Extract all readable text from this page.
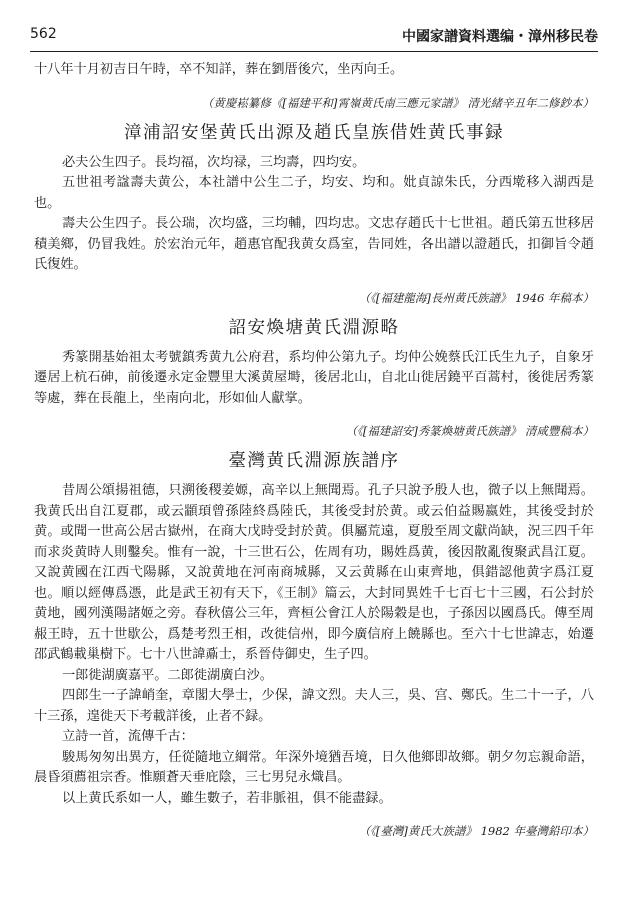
562	中國家譜資料選编・漳州移民卷

十八年十月初吉日午時，卒不知詳，葬在劉厝後穴，坐丙向壬。

（黄慶崧纂修《[福建平和]霄嶺黄氏南三應元家譜》 清光緒辛丑年二修鈔本）

漳浦詔安堡黄氏出源及趙氏皇族借姓黄氏事録

必夫公生四子。長均福，次均禄，三均壽，四均安。

五世祖考諡壽夫黄公，本社譜中公生二子，均安、均和。妣貞諒朱氏，分西墘移入湖西是也。

壽夫公生四子。長公瑞，次均盛，三均輔，四均忠。文忠存趙氏十七世祖。趙氏第五世移居積美鄉，仍冒我姓。於宏治元年，趙惠官配我黄女爲室，告同姓，各出譜以證趙氏，扣御旨令趙氏復姓。

（《[福建龍海]長州黄氏族譜》 1946 年稿本）

詔安煥塘黄氏淵源略

秀篆開基始祖太考號鎮秀黄九公府君，系均仲公第九子。均仲公娩蔡氏江氏生九子，自象牙遷居上杭石砷，前後遷永定金豐里大溪黄屋塒，後居北山，自北山徙居鐃平百蒿村，後徙居秀篆等處，葬在長龍上，坐南向北，形如仙人獻掌。

（《[福建詔安]秀篆煥塘黄氏族譜》 清咸豐稿本）

臺灣黄氏淵源族譜序

昔周公頌揚祖德，只溯後稷姜嫄，高辛以上無聞焉。孔子只說予殷人也，微子以上無聞焉。我黄氏出自江夏郡，或云顓頊曾孫陸終爲陸氏，其後受封於黄。或云伯益賜嬴姓，其後受封於黄。或聞一世高公居古嶽州，在商大戊時受封於黄。俱屬荒遠，夏殷至周文獻尚缺，況三四千年而求炎黄時人則鑿矣。惟有一說，十三世石公，佐周有功，賜姓爲黄，後因散亂復聚武昌江夏。又說黄國在江西弋陽縣，又說黄地在河南商城縣，又云黄縣在山東齊地，俱錯認他黄字爲江夏也。順以經傳爲憑，此是武王初有天下，《王制》篇云，大封同異姓千七百七十三國，石公封於黄地，國列漢陽諸姬之旁。春秋僖公三年，齊桓公會江人於陽穀是也，子孫因以國爲氏。傳至周赧王時，五十世歇公，爲楚考烈王相，改徙信州，即今廣信府上饒縣也。至六十七世諱志，始遷邵武鶴載巢樹下。七十八世諱鼒士，系晉侍御史，生子四。

一郎徙湖廣嘉平。二郎徙湖廣白沙。

四郎生一子諱峭奎，章閣大學士，少保，諱文烈。夫人三，吳、宫、鄭氏。生二十一子，八十三孫，遑徙天下考載詳後，止者不録。

立詩一首，流傳千古：

駿馬匆匆出異方，任從隨地立綱常。年深外境猶吾境，日久他鄉即故鄉。朝夕勿忘親命語，晨昏須薦祖宗香。惟願蒼天垂庇陰，三七男兒永熾昌。

以上黄氏系如一人，雖生數子，若非脈祖，俱不能盡録。

（《[臺灣]黄氏大族譜》 1982 年臺灣鉛印本）
